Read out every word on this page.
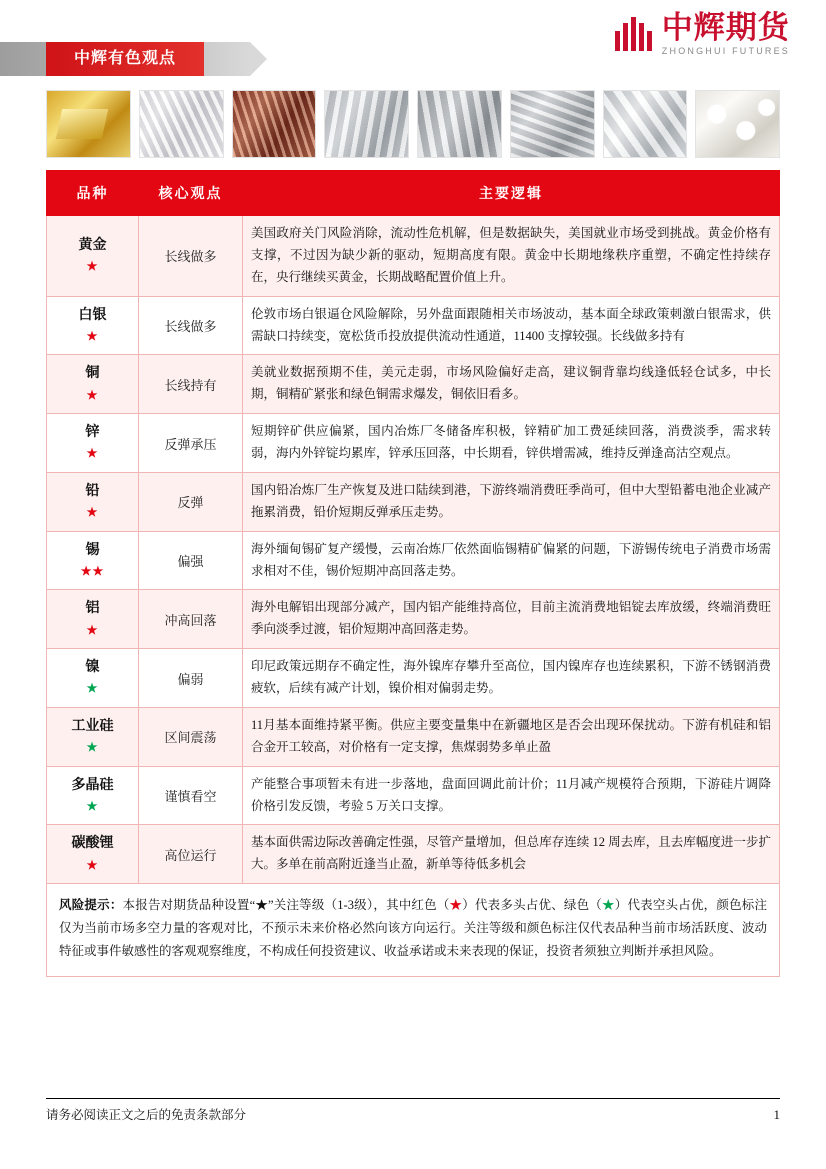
中辉期货
ZHONGHUI FUTURES
中辉有色观点
品种	核心观点	主要逻辑
黄金
★	长线做多	美国政府关门风险消除，流动性危机解，但是数据缺失，美国就业市场受到挑战。黄金价格有支撑，不过因为缺少新的驱动，短期高度有限。黄金中长期地缘秩序重塑，不确定性持续存在，央行继续买黄金，长期战略配置价值上升。
白银
★	长线做多	伦敦市场白银逼仓风险解除，另外盘面跟随相关市场波动，基本面全球政策刺激白银需求，供需缺口持续变，宽松货币投放提供流动性通道，11400 支撑较强。长线做多持有
铜
★	长线持有	美就业数据预期不佳，美元走弱，市场风险偏好走高，建议铜背靠均线逢低轻仓试多，中长期，铜精矿紧张和绿色铜需求爆发，铜依旧看多。
锌
★	反弹承压	短期锌矿供应偏紧，国内冶炼厂冬储备库积极，锌精矿加工费延续回落，消费淡季，需求转弱，海内外锌锭均累库，锌承压回落，中长期看，锌供增需减，维持反弹逢高沽空观点。
铅
★	反弹	国内铅冶炼厂生产恢复及进口陆续到港，下游终端消费旺季尚可，但中大型铅蓄电池企业减产拖累消费，铅价短期反弹承压走势。
锡
★★	偏强	海外缅甸锡矿复产缓慢，云南冶炼厂依然面临锡精矿偏紧的问题，下游锡传统电子消费市场需求相对不佳，锡价短期冲高回落走势。
铝
★	冲高回落	海外电解铝出现部分减产，国内铝产能维持高位，目前主流消费地铝锭去库放缓，终端消费旺季向淡季过渡，铝价短期冲高回落走势。
镍
★	偏弱	印尼政策远期存不确定性，海外镍库存攀升至高位，国内镍库存也连续累积，下游不锈钢消费疲软，后续有减产计划，镍价相对偏弱走势。
工业硅
★	区间震荡	11月基本面维持紧平衡。供应主要变量集中在新疆地区是否会出现环保扰动。下游有机硅和铝合金开工较高，对价格有一定支撑，焦煤弱势多单止盈
多晶硅
★	谨慎看空	产能整合事项暂未有进一步落地，盘面回调此前计价；11月减产规模符合预期，下游硅片调降价格引发反馈，考验 5 万关口支撑。
碳酸锂
★	高位运行	基本面供需边际改善确定性强，尽管产量增加，但总库存连续 12 周去库，且去库幅度进一步扩大。多单在前高附近逢当止盈，新单等待低多机会
风险提示：本报告对期货品种设置“★”关注等级（1-3级），其中红色（★）代表多头占优、绿色（★）代表空头占优，颜色标注仅为当前市场多空力量的客观对比，不预示未来价格必然向该方向运行。关注等级和颜色标注仅代表品种当前市场活跃度、波动特征或事件敏感性的客观观察维度，不构成任何投资建议、收益承诺或未来表现的保证，投资者须独立判断并承担风险。
请务必阅读正文之后的免责条款部分	1
